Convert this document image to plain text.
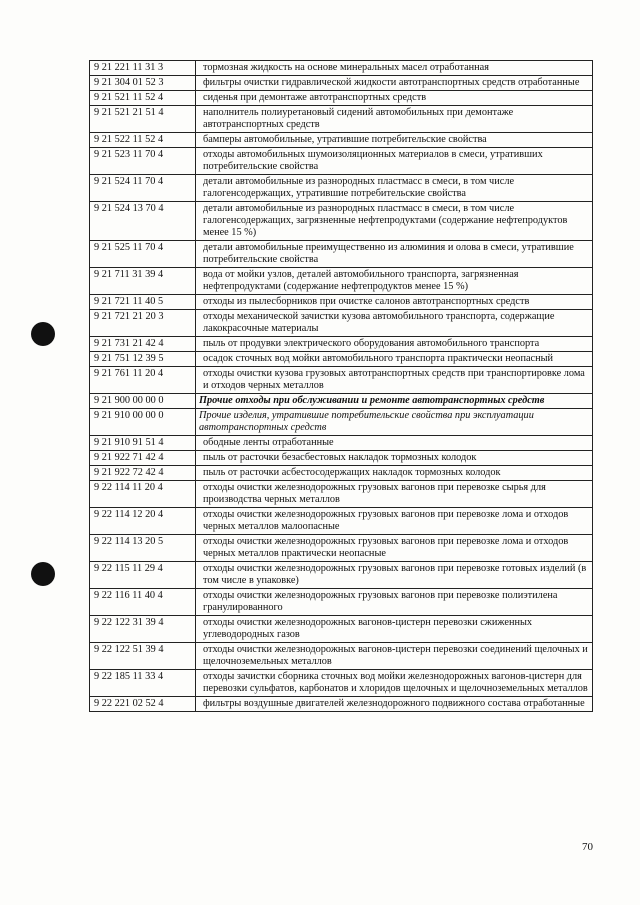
9 21 221 11 31 3	тормозная жидкость на основе минеральных масел отработанная
9 21 304 01 52 3	фильтры очистки гидравлической жидкости автотранспортных средств отработанные
9 21 521 11 52 4	сиденья при демонтаже автотранспортных средств
9 21 521 21 51 4	наполнитель полиуретановый сидений автомобильных при демонтаже автотранспортных средств
9 21 522 11 52 4	бамперы автомобильные, утратившие потребительские свойства
9 21 523 11 70 4	отходы автомобильных шумоизоляционных материалов в смеси, утративших потребительские свойства
9 21 524 11 70 4	детали автомобильные из разнородных пластмасс в смеси, в том числе галогенсодержащих, утратившие потребительские свойства
9 21 524 13 70 4	детали автомобильные из разнородных пластмасс в смеси, в том числе галогенсодержащих, загрязненные нефтепродуктами (содержание нефтепродуктов менее 15 %)
9 21 525 11 70 4	детали автомобильные преимущественно из алюминия и олова в смеси, утратившие потребительские свойства
9 21 711 31 39 4	вода от мойки узлов, деталей автомобильного транспорта, загрязненная нефтепродуктами (содержание нефтепродуктов менее 15 %)
9 21 721 11 40 5	отходы из пылесборников при очистке салонов автотранспортных средств
9 21 721 21 20 3	отходы механической зачистки кузова автомобильного транспорта, содержащие лакокрасочные материалы
9 21 731 21 42 4	пыль от продувки электрического оборудования автомобильного транспорта
9 21 751 12 39 5	осадок сточных вод мойки автомобильного транспорта практически неопасный
9 21 761 11 20 4	отходы очистки кузова грузовых автотранспортных средств при транспортировке лома и отходов черных металлов
9 21 900 00 00 0	Прочие отходы при обслуживании и ремонте автотранспортных средств
9 21 910 00 00 0	Прочие изделия, утратившие потребительские свойства при эксплуатации автотранспортных средств
9 21 910 91 51 4	ободные ленты отработанные
9 21 922 71 42 4	пыль от расточки безасбестовых накладок тормозных колодок
9 21 922 72 42 4	пыль от расточки асбестосодержащих накладок тормозных колодок
9 22 114 11 20 4	отходы очистки железнодорожных грузовых вагонов при перевозке сырья для производства черных металлов
9 22 114 12 20 4	отходы очистки железнодорожных грузовых вагонов при перевозке лома и отходов черных металлов малоопасные
9 22 114 13 20 5	отходы очистки железнодорожных грузовых вагонов при перевозке лома и отходов черных металлов практически неопасные
9 22 115 11 29 4	отходы очистки железнодорожных грузовых вагонов при перевозке готовых изделий (в том числе в упаковке)
9 22 116 11 40 4	отходы очистки железнодорожных грузовых вагонов при перевозке полиэтилена гранулированного
9 22 122 31 39 4	отходы очистки железнодорожных вагонов-цистерн перевозки сжиженных углеводородных газов
9 22 122 51 39 4	отходы очистки железнодорожных вагонов-цистерн перевозки соединений щелочных и щелочноземельных металлов
9 22 185 11 33 4	отходы зачистки сборника сточных вод мойки железнодорожных вагонов-цистерн для перевозки сульфатов, карбонатов и хлоридов щелочных и щелочноземельных металлов
9 22 221 02 52 4	фильтры воздушные двигателей железнодорожного подвижного состава отработанные
70
